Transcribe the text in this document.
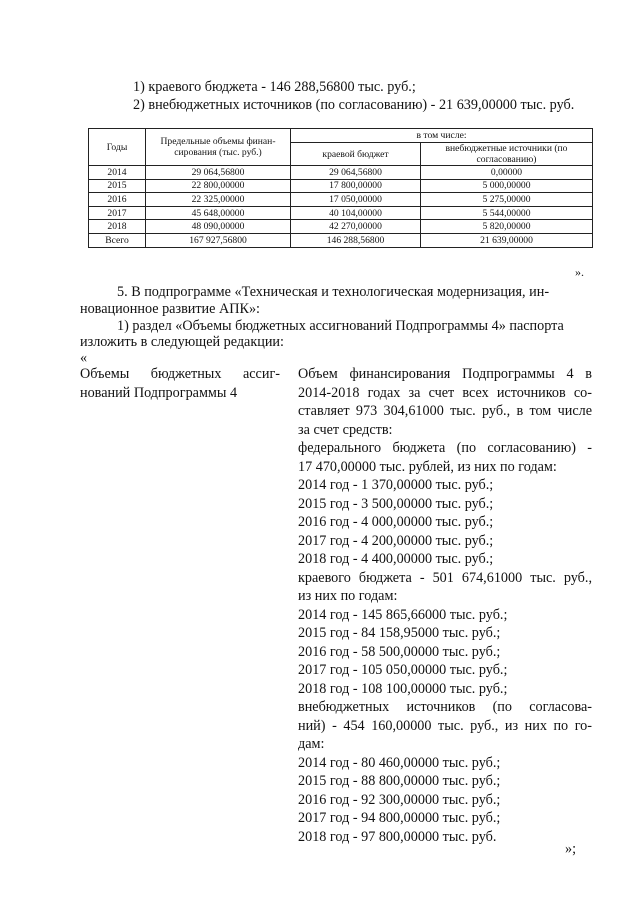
1) краевого бюджета - 146 288,56800 тыс. руб.;
2) внебюджетных источников (по согласованию) - 21 639,00000 тыс. руб.
Годы	Предельные объемы финан-сирования (тыс. руб.)	в том числе:	
		краевой бюджет	внебюджетные источники (по согласованию)
2014	29 064,56800	29 064,56800	0,00000
2015	22 800,00000	17 800,00000	5 000,00000
2016	22 325,00000	17 050,00000	5 275,00000
2017	45 648,00000	40 104,00000	5 544,00000
2018	48 090,00000	42 270,00000	5 820,00000
Всего	167 927,56800	146 288,56800	21 639,00000
».
5. В подпрограмме «Техническая и технологическая модернизация, ин-
новационное развитие АПК»:
1) раздел «Объемы бюджетных ассигнований Подпрограммы 4» паспорта
изложить в следующей редакции:
«
Объемы бюджетных ассиг-
нований Подпрограммы 4
Объем финансирования Подпрограммы 4 в
2014-2018 годах за счет всех источников со-
ставляет 973 304,61000 тыс. руб., в том числе
за счет средств:
федерального бюджета (по согласованию) -
17 470,00000 тыс. рублей, из них по годам:
2014 год - 1 370,00000 тыс. руб.;
2015 год - 3 500,00000 тыс. руб.;
2016 год - 4 000,00000 тыс. руб.;
2017 год - 4 200,00000 тыс. руб.;
2018 год - 4 400,00000 тыс. руб.;
краевого бюджета - 501 674,61000 тыс. руб.,
из них по годам:
2014 год - 145 865,66000 тыс. руб.;
2015 год - 84 158,95000 тыс. руб.;
2016 год - 58 500,00000 тыс. руб.;
2017 год - 105 050,00000 тыс. руб.;
2018 год - 108 100,00000 тыс. руб.;
внебюджетных источников (по согласова-
ний) - 454 160,00000 тыс. руб., из них по го-
дам:
2014 год - 80 460,00000 тыс. руб.;
2015 год - 88 800,00000 тыс. руб.;
2016 год - 92 300,00000 тыс. руб.;
2017 год - 94 800,00000 тыс. руб.;
2018 год - 97 800,00000 тыс. руб.
»;
